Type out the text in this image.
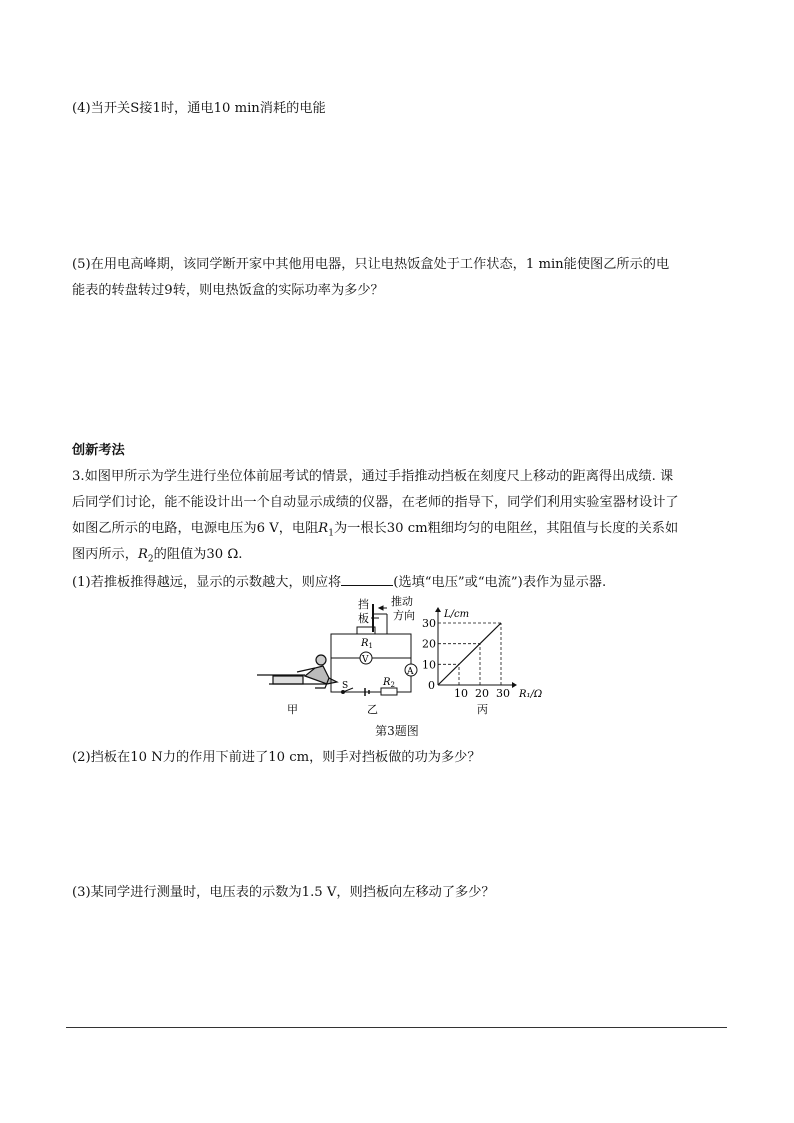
(4)当开关S接1时，通电10 min消耗的电能
(5)在用电高峰期，该同学断开家中其他用电器，只让电热饭盒处于工作状态，1 min能使图乙所示的电
能表的转盘转过9转，则电热饭盒的实际功率为多少？
创新考法
3.如图甲所示为学生进行坐位体前屈考试的情景，通过手指推动挡板在刻度尺上移动的距离得出成绩. 课
后同学们讨论，能不能设计出一个自动显示成绩的仪器，在老师的指导下，同学们利用实验室器材设计了
如图乙所示的电路，电源电压为6 V，电阻$R_1$为一根长30 cm粗细均匀的电阻丝，其阻值与长度的关系如
图丙所示，$R_2$的阻值为30 Ω.
(1)若推板推得越远，显示的示数越大，则应将	(选填“电压”或“电流”)表作为显示器.
甲
挡
板
推动
方向
$R_1$
V
A
S	$R_2$
乙
10 20 30
10
20
30
0
R₁/Ω
L/cm
丙
第3题图
(2)挡板在10 N力的作用下前进了10 cm，则手对挡板做的功为多少？
(3)某同学进行测量时，电压表的示数为1.5 V，则挡板向左移动了多少？
